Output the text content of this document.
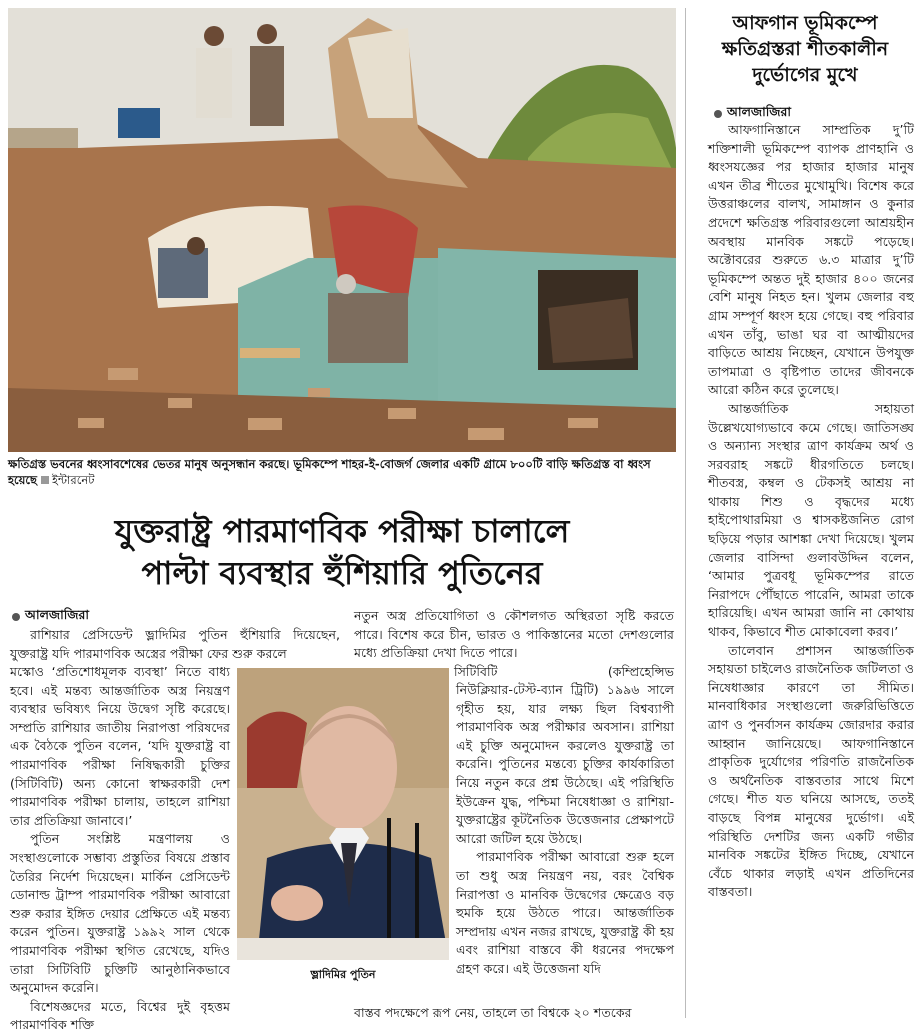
ক্ষতিগ্রস্ত ভবনের ধ্বংসাবশেষের ভেতর মানুষ অনুসন্ধান করছে। ভূমিকম্পে শাহর-ই-বোজর্গ জেলার একটি গ্রামে ৮০০টি বাড়ি ক্ষতিগ্রস্ত বা ধ্বংস হয়েছে ইন্টারনেট
যুক্তরাষ্ট্র পারমাণবিক পরীক্ষা চালালে
পাল্টা ব্যবস্থার হুঁশিয়ারি পুতিনের
আলজাজিরা

রাশিয়ার প্রেসিডেন্ট ভ্লাদিমির পুতিন হুঁশিয়ারি দিয়েছেন, যুক্তরাষ্ট্র যদি পারমাণবিক অস্ত্রের পরীক্ষা ফের শুরু করলে

মস্কোও ‘প্রতিশোধমূলক ব্যবস্থা’ নিতে বাধ্য হবে। এই মন্তব্য আন্তর্জাতিক অস্ত্র নিয়ন্ত্রণ ব্যবস্থার ভবিষ্যৎ নিয়ে উদ্বেগ সৃষ্টি করেছে। সম্প্রতি রাশিয়ার জাতীয় নিরাপত্তা পরিষদের এক বৈঠকে পুতিন বলেন, ‘যদি যুক্তরাষ্ট্র বা পারমাণবিক পরীক্ষা নিষিদ্ধকারী চুক্তির (সিটিবিটি) অন্য কোনো স্বাক্ষরকারী দেশ পারমাণবিক পরীক্ষা চালায়, তাহলে রাশিয়া তার প্রতিক্রিয়া জানাবে।’

পুতিন সংশ্লিষ্ট মন্ত্রণালয় ও সংস্থাগুলোকে সম্ভাব্য প্রস্তুতির বিষয়ে প্রস্তাব তৈরির নির্দেশ দিয়েছেন। মার্কিন প্রেসিডেন্ট ডোনাল্ড ট্রাম্প পারমাণবিক পরীক্ষা আবারো শুরু করার ইঙ্গিত দেয়ার প্রেক্ষিতে এই মন্তব্য করেন পুতিন। যুক্তরাষ্ট্র ১৯৯২ সাল থেকে পারমাণবিক পরীক্ষা স্থগিত রেখেছে, যদিও তারা সিটিবিটি চুক্তিটি আনুষ্ঠানিকভাবে অনুমোদন করেনি।

বিশেষজ্ঞদের মতে, বিশ্বের দুই বৃহত্তম পারমাণবিক শক্তি

ভ্লাদিমির পুতিন

নতুন অস্ত্র প্রতিযোগিতা ও কৌশলগত অস্থিরতা সৃষ্টি করতে পারে। বিশেষ করে চীন, ভারত ও পাকিস্তানের মতো দেশগুলোর মধ্যে প্রতিক্রিয়া দেখা দিতে পারে।

সিটিবিটি	(কম্প্রিহেন্সিভ

নিউক্লিয়ার-টেস্ট-ব্যান ট্রিটি) ১৯৯৬ সালে গৃহীত হয়, যার লক্ষ্য ছিল বিশ্বব্যাপী পারমাণবিক অস্ত্র পরীক্ষার অবসান। রাশিয়া এই চুক্তি অনুমোদন করলেও যুক্তরাষ্ট্র তা করেনি। পুতিনের মন্তব্যে চুক্তির কার্যকারিতা নিয়ে নতুন করে প্রশ্ন উঠেছে। এই পরিস্থিতি ইউক্রেন যুদ্ধ, পশ্চিমা নিষেধাজ্ঞা ও রাশিয়া-যুক্তরাষ্ট্রের কূটনৈতিক উত্তেজনার প্রেক্ষাপটে আরো জটিল হয়ে উঠছে।

পারমাণবিক পরীক্ষা আবারো শুরু হলে তা শুধু অস্ত্র নিয়ন্ত্রণ নয়, বরং বৈশ্বিক নিরাপত্তা ও মানবিক উদ্বেগের ক্ষেত্রেও বড় হুমকি হয়ে উঠতে পারে। আন্তর্জাতিক সম্প্রদায় এখন নজর রাখছে, যুক্তরাষ্ট্র কী হয় এবং রাশিয়া বাস্তবে কী ধরনের পদক্ষেপ গ্রহণ করে। এই উত্তেজনা যদি

বাস্তব পদক্ষেপে রূপ নেয়, তাহলে তা বিশ্বকে ২০ শতকের

আফগান ভূমিকম্পে
ক্ষতিগ্রস্তরা শীতকালীন
দুর্ভোগের মুখে
আলজাজিরা

আফগানিস্তানে সাম্প্রতিক দু’টি শক্তিশালী ভূমিকম্পে ব্যাপক প্রাণহানি ও ধ্বংসযজ্ঞের পর হাজার হাজার মানুষ এখন তীব্র শীতের মুখোমুখি। বিশেষ করে উত্তরাঞ্চলের বালখ, সামাঙ্গান ও কুনার প্রদেশে ক্ষতিগ্রস্ত পরিবারগুলো আশ্রয়হীন অবস্থায় মানবিক সঙ্কটে পড়েছে। অক্টোবরের শুরুতে ৬.৩ মাত্রার দু’টি ভূমিকম্পে অন্তত দুই হাজার ৪০০ জনের বেশি মানুষ নিহত হন। খুলম জেলার বহু গ্রাম সম্পূর্ণ ধ্বংস হয়ে গেছে। বহু পরিবার এখন তাঁবু, ভাঙা ঘর বা আত্মীয়দের বাড়িতে আশ্রয় নিচ্ছেন, যেখানে উপযুক্ত তাপমাত্রা ও বৃষ্টিপাত তাদের জীবনকে আরো কঠিন করে তুলেছে।

আন্তর্জাতিক সহায়তা উল্লেখযোগ্যভাবে কমে গেছে। জাতিসঙ্ঘ ও অন্যান্য সংস্থার ত্রাণ কার্যক্রম অর্থ ও সরবরাহ সঙ্কটে ধীরগতিতে চলছে। শীতবস্ত্র, কম্বল ও টেকসই আশ্রয় না থাকায় শিশু ও বৃদ্ধদের মধ্যে হাইপোথারমিয়া ও শ্বাসকষ্টজনিত রোগ ছড়িয়ে পড়ার আশঙ্কা দেখা দিয়েছে। খুলম জেলার বাসিন্দা গুলাবউদ্দিন বলেন, ‘আমার পুত্রবধূ ভূমিকম্পের রাতে নিরাপদে পৌঁছাতে পারেনি, আমরা তাকে হারিয়েছি। এখন আমরা জানি না কোথায় থাকব, কিভাবে শীত মোকাবেলা করব।’

তালেবান প্রশাসন আন্তর্জাতিক সহায়তা চাইলেও রাজনৈতিক জটিলতা ও নিষেধাজ্ঞার কারণে তা সীমিত। মানবাধিকার সংস্থাগুলো জরুরিভিত্তিতে ত্রাণ ও পুনর্বাসন কার্যক্রম জোরদার করার আহ্বান জানিয়েছে। আফগানিস্তানে প্রাকৃতিক দুর্যোগের পরিণতি রাজনৈতিক ও অর্থনৈতিক বাস্তবতার সাথে মিশে গেছে। শীত যত ঘনিয়ে আসছে, ততই বাড়ছে বিপন্ন মানুষের দুর্ভোগ। এই পরিস্থিতি দেশটির জন্য একটি গভীর মানবিক সঙ্কটের ইঙ্গিত দিচ্ছে, যেখানে বেঁচে থাকার লড়াই এখন প্রতিদিনের বাস্তবতা।
